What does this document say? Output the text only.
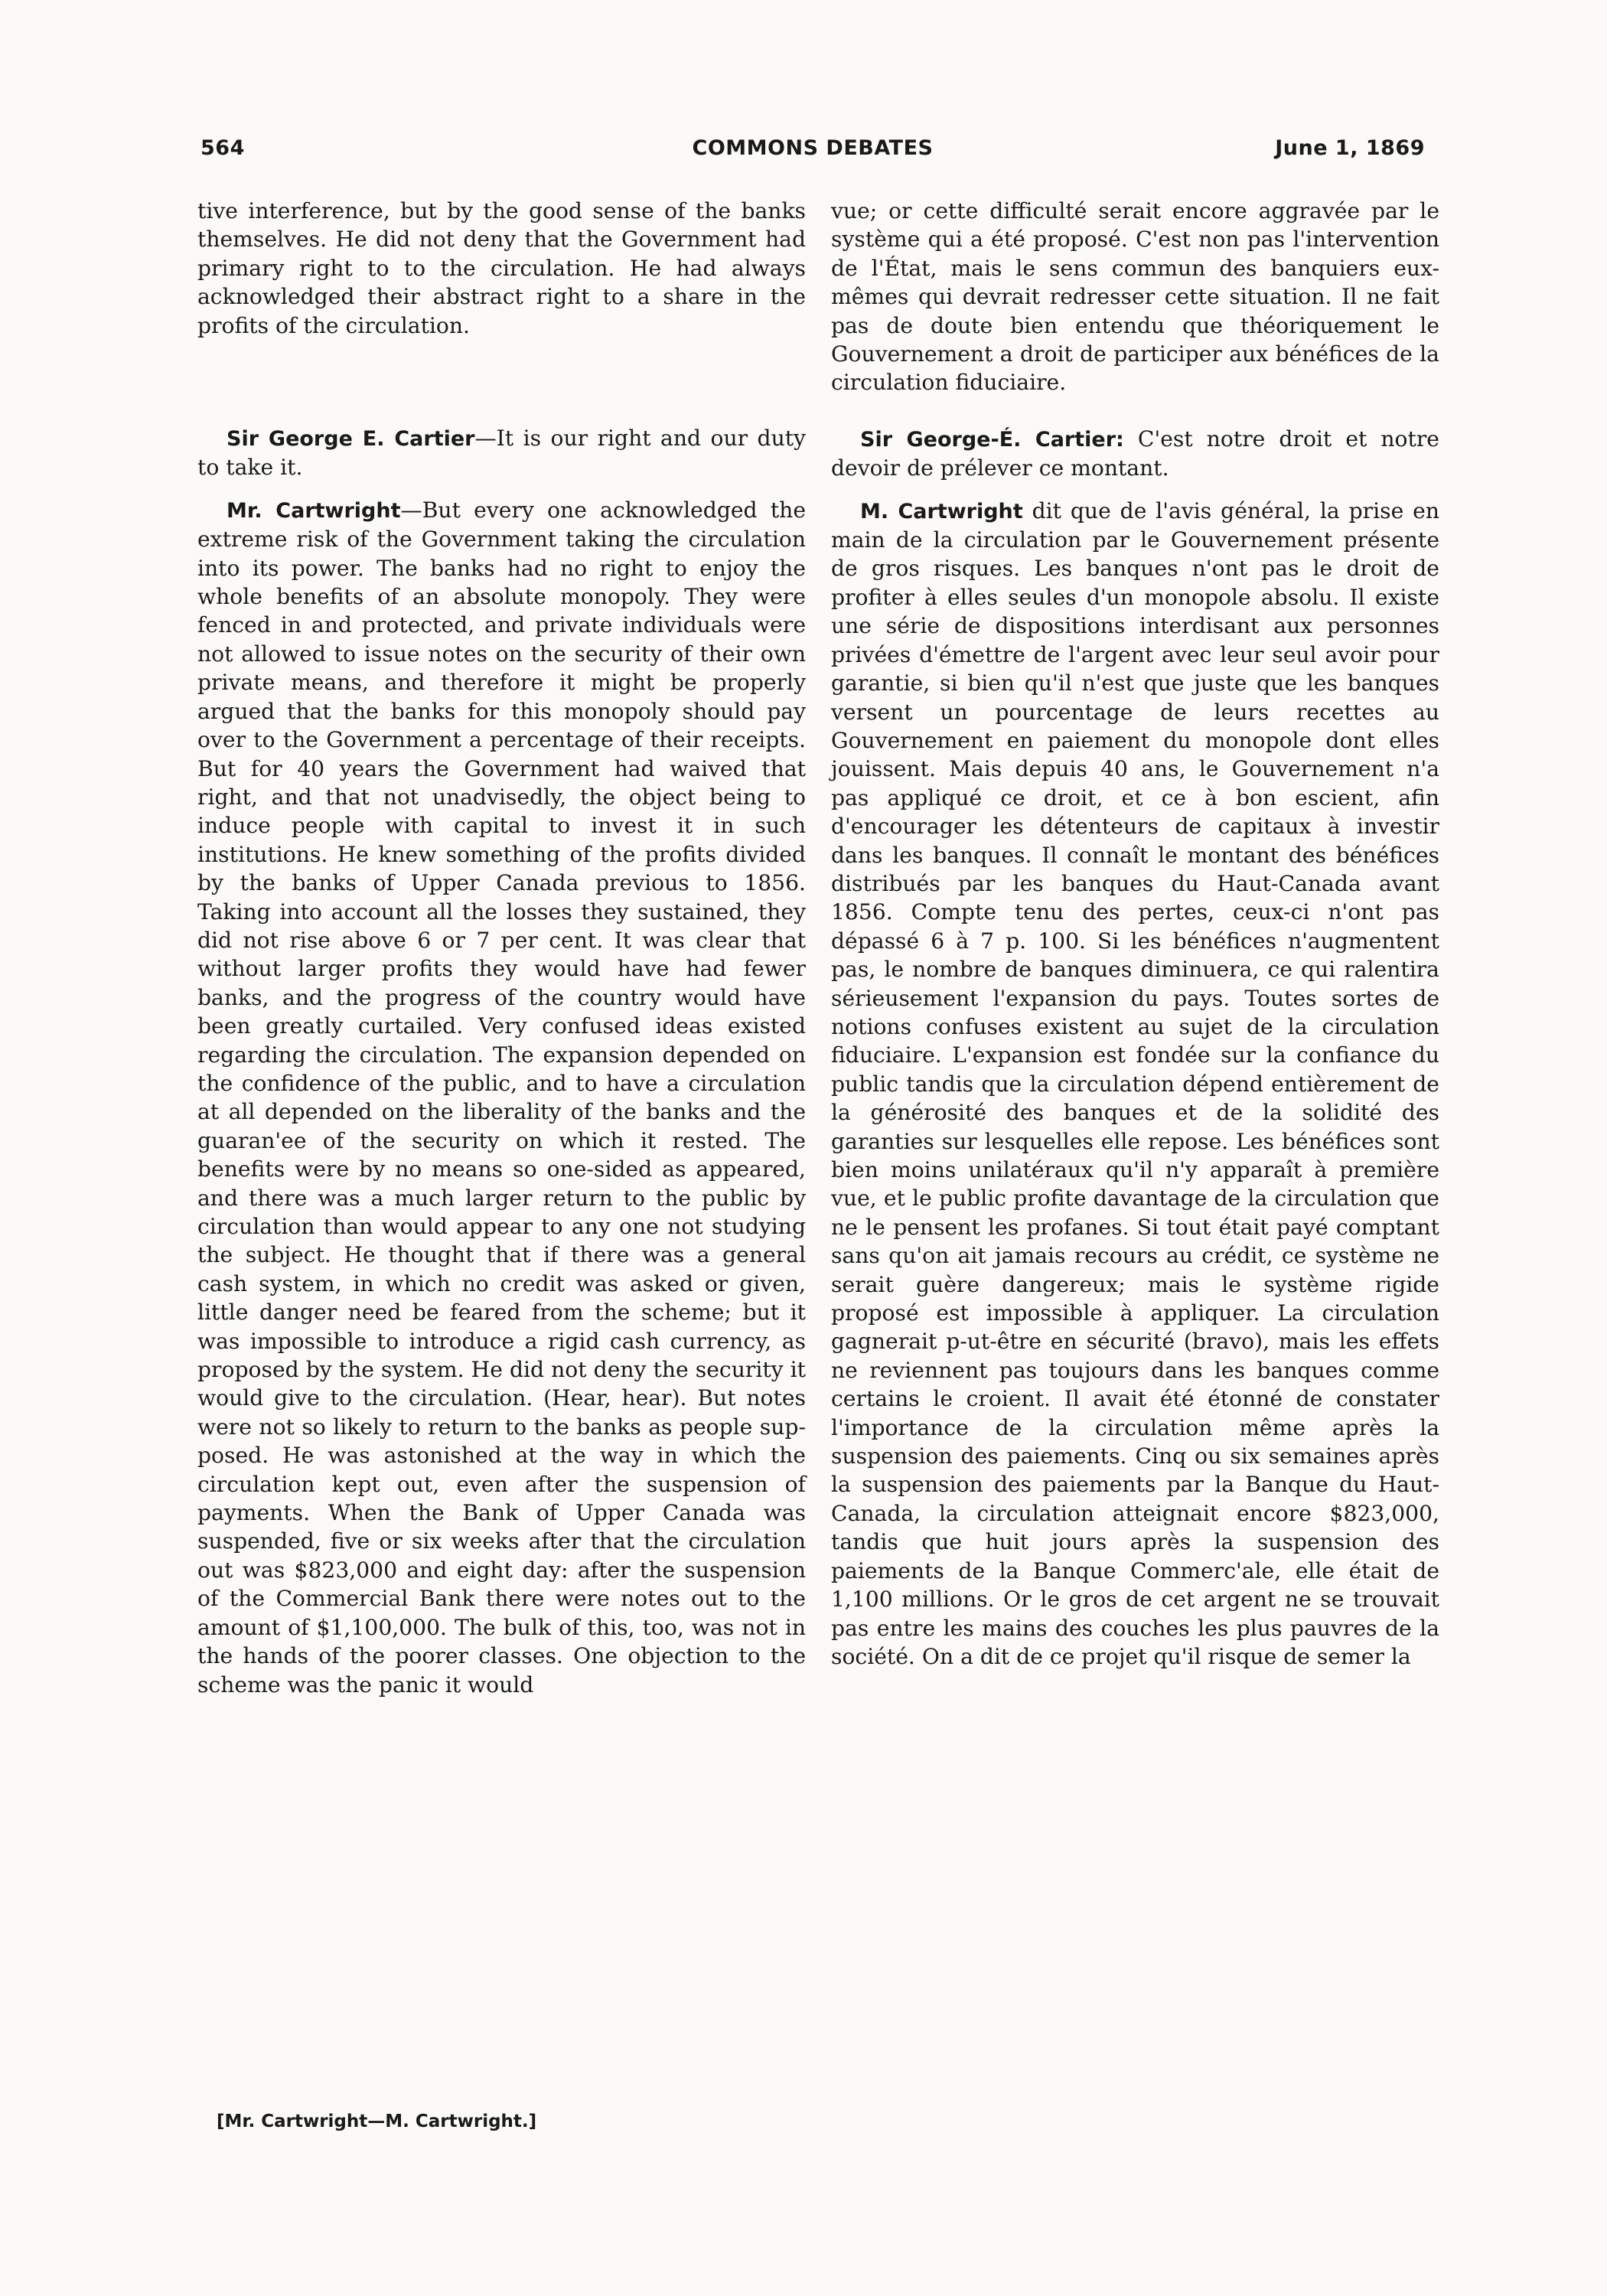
564	COMMONS DEBATES	June 1, 1869

tive interference, but by the good sense of the banks themselves. He did not deny that the Government had primary right to to the circulation. He had always acknowledged their abstract right to a share in the profits of the circulation.

Sir George E. Cartier—It is our right and our duty to take it.

Mr. Cartwright—But every one acknowledged the extreme risk of the Government taking the circulation into its power. The banks had no right to enjoy the whole benefits of an absolute monopoly. They were fenced in and protected, and private individuals were not allowed to issue notes on the security of their own private means, and therefore it might be properly argued that the banks for this monopoly should pay over to the Government a percentage of their receipts. But for 40 years the Government had waived that right, and that not unadvisedly, the object being to induce people with capital to invest it in such institutions. He knew something of the profits divided by the banks of Upper Canada previous to 1856. Taking into account all the losses they sustained, they did not rise above 6 or 7 per cent. It was clear that without larger profits they would have had fewer banks, and the progress of the country would have been greatly curtailed. Very confused ideas existed regarding the circulation. The expansion depended on the confidence of the public, and to have a circulation at all depended on the liberality of the banks and the guaran'ee of the security on which it rested. The benefits were by no means so one-sided as appeared, and there was a much larger return to the public by circulation than would appear to any one not studying the subject. He thought that if there was a general cash system, in which no credit was asked or given, little danger need be feared from the scheme; but it was impossible to introduce a rigid cash currency, as proposed by the system. He did not deny the security it would give to the circulation. (Hear, hear). But notes were not so likely to return to the banks as people supposed. He was astonished at the way in which the circulation kept out, even after the suspension of payments. When the Bank of Upper Canada was suspended, five or six weeks after that the circulation out was $823,000 and eight day: after the suspension of the Commercial Bank there were notes out to the amount of $1,100,000. The bulk of this, too, was not in the hands of the poorer classes. One objection to the scheme was the panic it would

vue; or cette difficulté serait encore aggravée par le système qui a été proposé. C'est non pas l'intervention de l'État, mais le sens commun des banquiers eux-mêmes qui devrait redresser cette situation. Il ne fait pas de doute bien entendu que théoriquement le Gouvernement a droit de participer aux bénéfices de la circulation fiduciaire.

Sir George-É. Cartier: C'est notre droit et notre devoir de prélever ce montant.

M. Cartwright dit que de l'avis général, la prise en main de la circulation par le Gouvernement présente de gros risques. Les banques n'ont pas le droit de profiter à elles seules d'un monopole absolu. Il existe une série de dispositions interdisant aux personnes privées d'émettre de l'argent avec leur seul avoir pour garantie, si bien qu'il n'est que juste que les banques versent un pourcentage de leurs recettes au Gouvernement en paiement du monopole dont elles jouissent. Mais depuis 40 ans, le Gouvernement n'a pas appliqué ce droit, et ce à bon escient, afin d'encourager les détenteurs de capitaux à investir dans les banques. Il connaît le montant des bénéfices distribués par les banques du Haut-Canada avant 1856. Compte tenu des pertes, ceux-ci n'ont pas dépassé 6 à 7 p. 100. Si les bénéfices n'augmentent pas, le nombre de banques diminuera, ce qui ralentira sérieusement l'expansion du pays. Toutes sortes de notions confuses existent au sujet de la circulation fiduciaire. L'expansion est fondée sur la confiance du public tandis que la circulation dépend entièrement de la générosité des banques et de la solidité des garanties sur lesquelles elle repose. Les bénéfices sont bien moins unilatéraux qu'il n'y apparaît à première vue, et le public profite davantage de la circulation que ne le pensent les profanes. Si tout était payé comptant sans qu'on ait jamais recours au crédit, ce système ne serait guère dangereux; mais le système rigide proposé est impossible à appliquer. La circulation gagnerait p-ut-être en sécurité (bravo), mais les effets ne reviennent pas toujours dans les banques comme certains le croient. Il avait été étonné de constater l'importance de la circulation même après la suspension des paiements. Cinq ou six semaines après la suspension des paiements par la Banque du Haut-Canada, la circulation atteignait encore $823,000, tandis que huit jours après la suspension des paiements de la Banque Commerc'ale, elle était de 1,100 millions. Or le gros de cet argent ne se trouvait pas entre les mains des couches les plus pauvres de la société. On a dit de ce projet qu'il risque de semer la

[Mr. Cartwright—M. Cartwright.]
